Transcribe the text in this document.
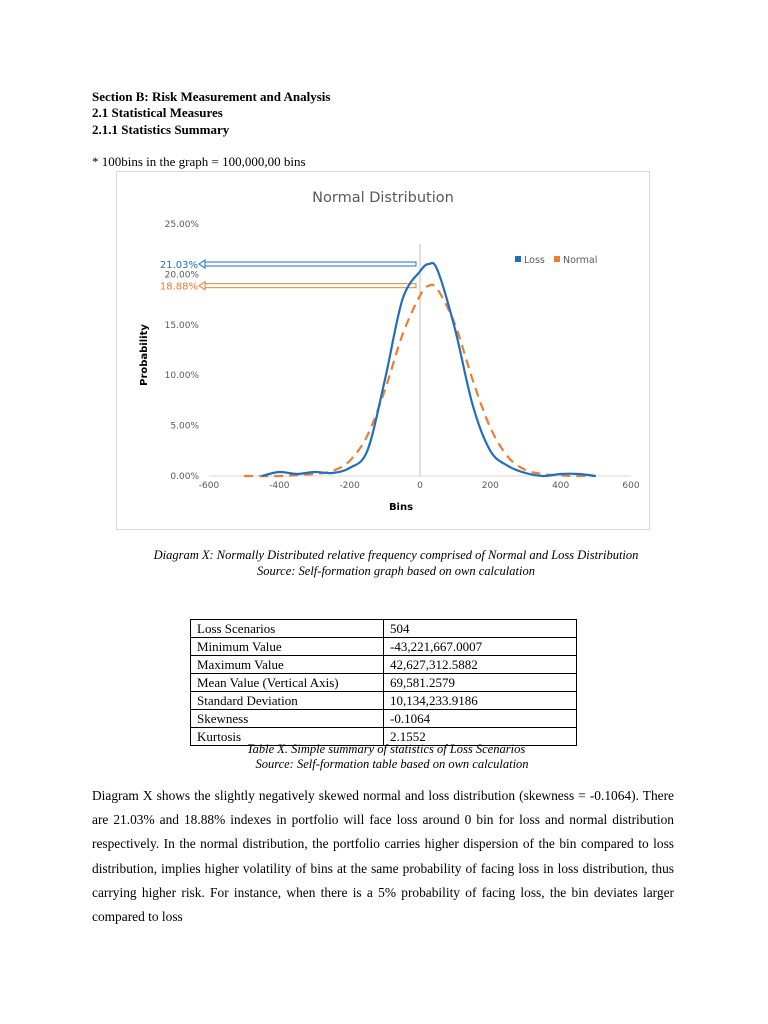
Section B: Risk Measurement and Analysis
2.1 Statistical Measures
2.1.1 Statistics Summary
* 100bins in the graph = 100,000,00 bins
Normal Distribution
0.00%
5.00%
10.00%
15.00%
20.00%
25.00%
-600	-400	-200	0	200	400	600
21.03%
18.88%
Loss Normal
Bins
Probability
Diagram X: Normally Distributed relative frequency comprised of Normal and Loss Distribution
Source: Self-formation graph based on own calculation
Loss Scenarios	504
Minimum Value	-43,221,667.0007
Maximum Value	42,627,312.5882
Mean Value (Vertical Axis)	69,581.2579
Standard Deviation	10,134,233.9186
Skewness	-0.1064
Kurtosis	2.1552
Table X. Simple summary of statistics of Loss Scenarios
Source: Self-formation table based on own calculation

Diagram X shows the slightly negatively skewed normal and loss distribution (skewness = -0.1064). There are 21.03% and 18.88% indexes in portfolio will face loss around 0 bin for loss and normal distribution respectively. In the normal distribution, the portfolio carries higher dispersion of the bin compared to loss distribution, implies higher volatility of bins at the same probability of facing loss in loss distribution, thus carrying higher risk. For instance, when there is a 5% probability of facing loss, the bin deviates larger compared to loss
